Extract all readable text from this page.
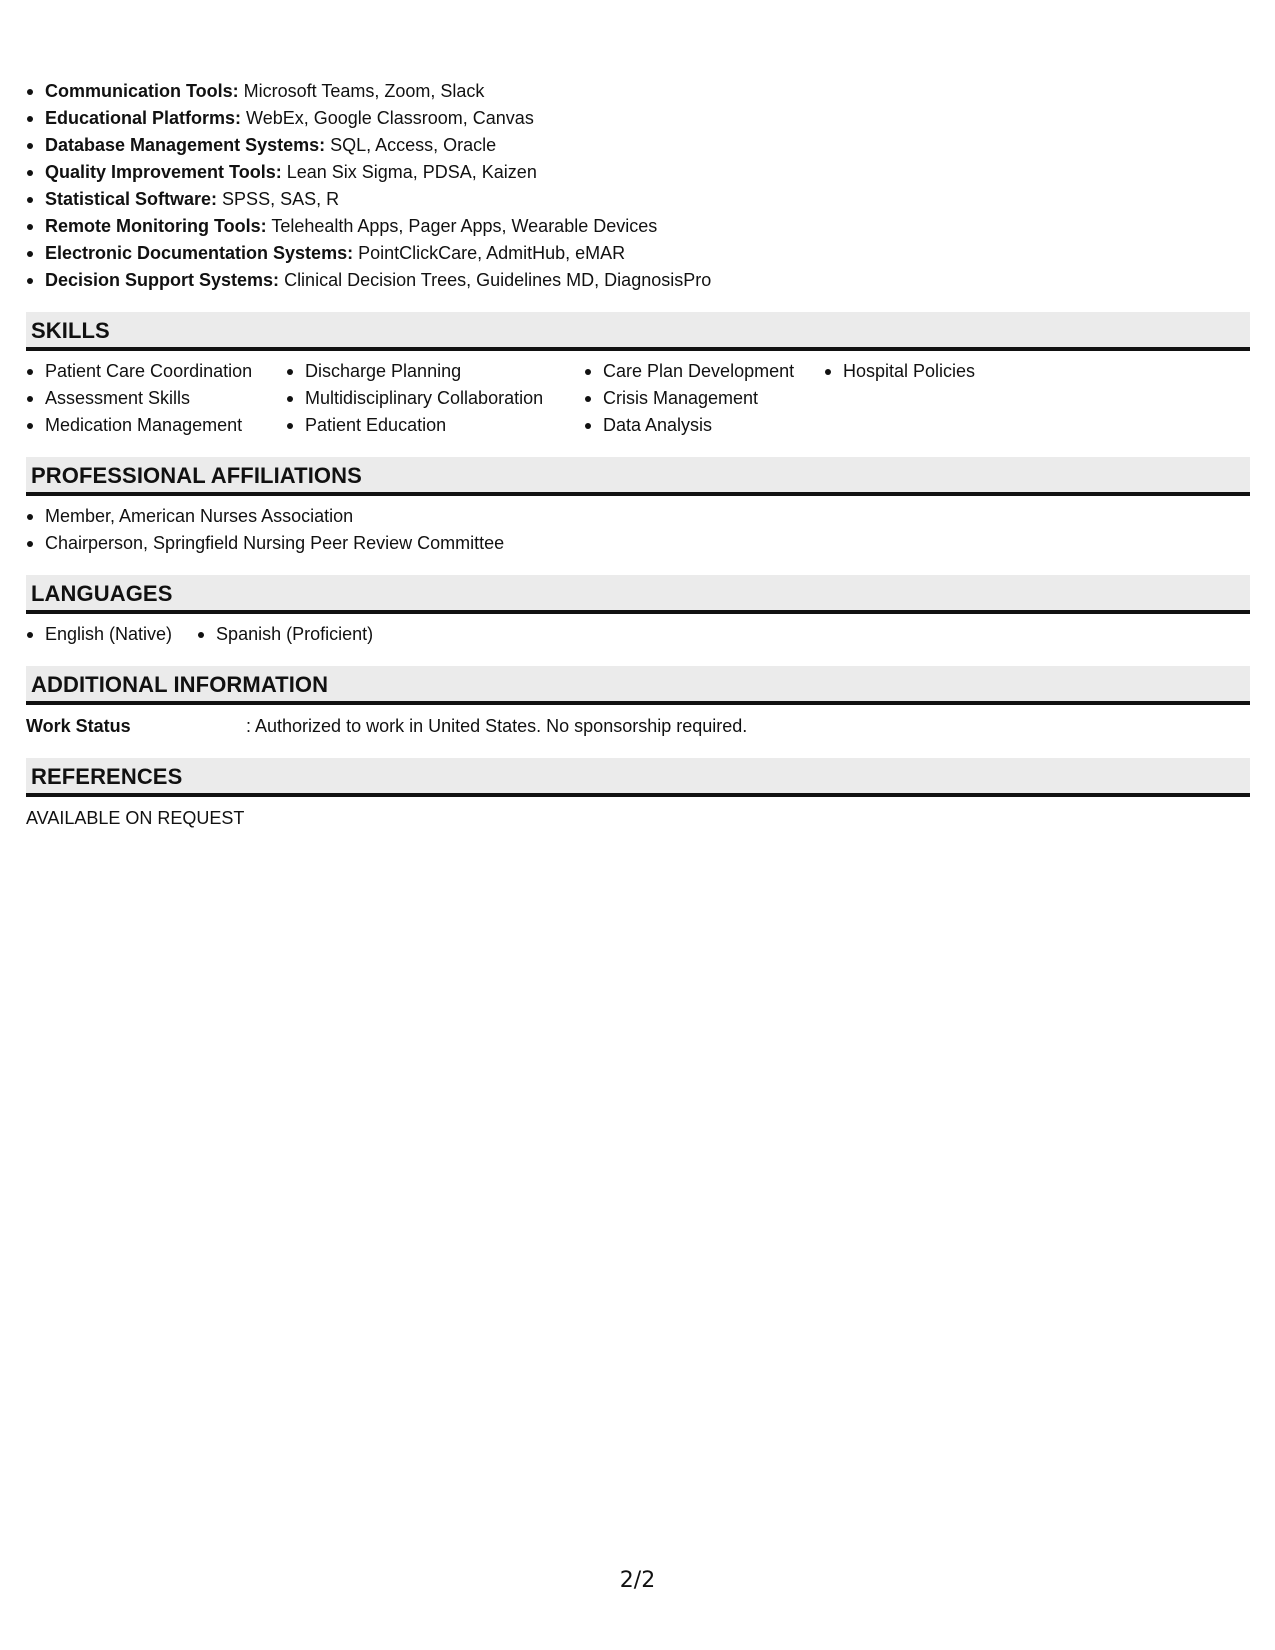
Communication Tools: Microsoft Teams, Zoom, Slack
Educational Platforms: WebEx, Google Classroom, Canvas
Database Management Systems: SQL, Access, Oracle
Quality Improvement Tools: Lean Six Sigma, PDSA, Kaizen
Statistical Software: SPSS, SAS, R
Remote Monitoring Tools: Telehealth Apps, Pager Apps, Wearable Devices
Electronic Documentation Systems: PointClickCare, AdmitHub, eMAR
Decision Support Systems: Clinical Decision Trees, Guidelines MD, DiagnosisPro
SKILLS
Patient Care Coordination
Assessment Skills
Medication Management
Discharge Planning
Multidisciplinary Collaboration
Patient Education
Care Plan Development
Crisis Management
Data Analysis
Hospital Policies
PROFESSIONAL AFFILIATIONS
Member, American Nurses Association
Chairperson, Springfield Nursing Peer Review Committee
LANGUAGES
English (Native)	Spanish (Proficient)
ADDITIONAL INFORMATION
Work Status	: Authorized to work in United States. No sponsorship required.
REFERENCES
AVAILABLE ON REQUEST
2/2
